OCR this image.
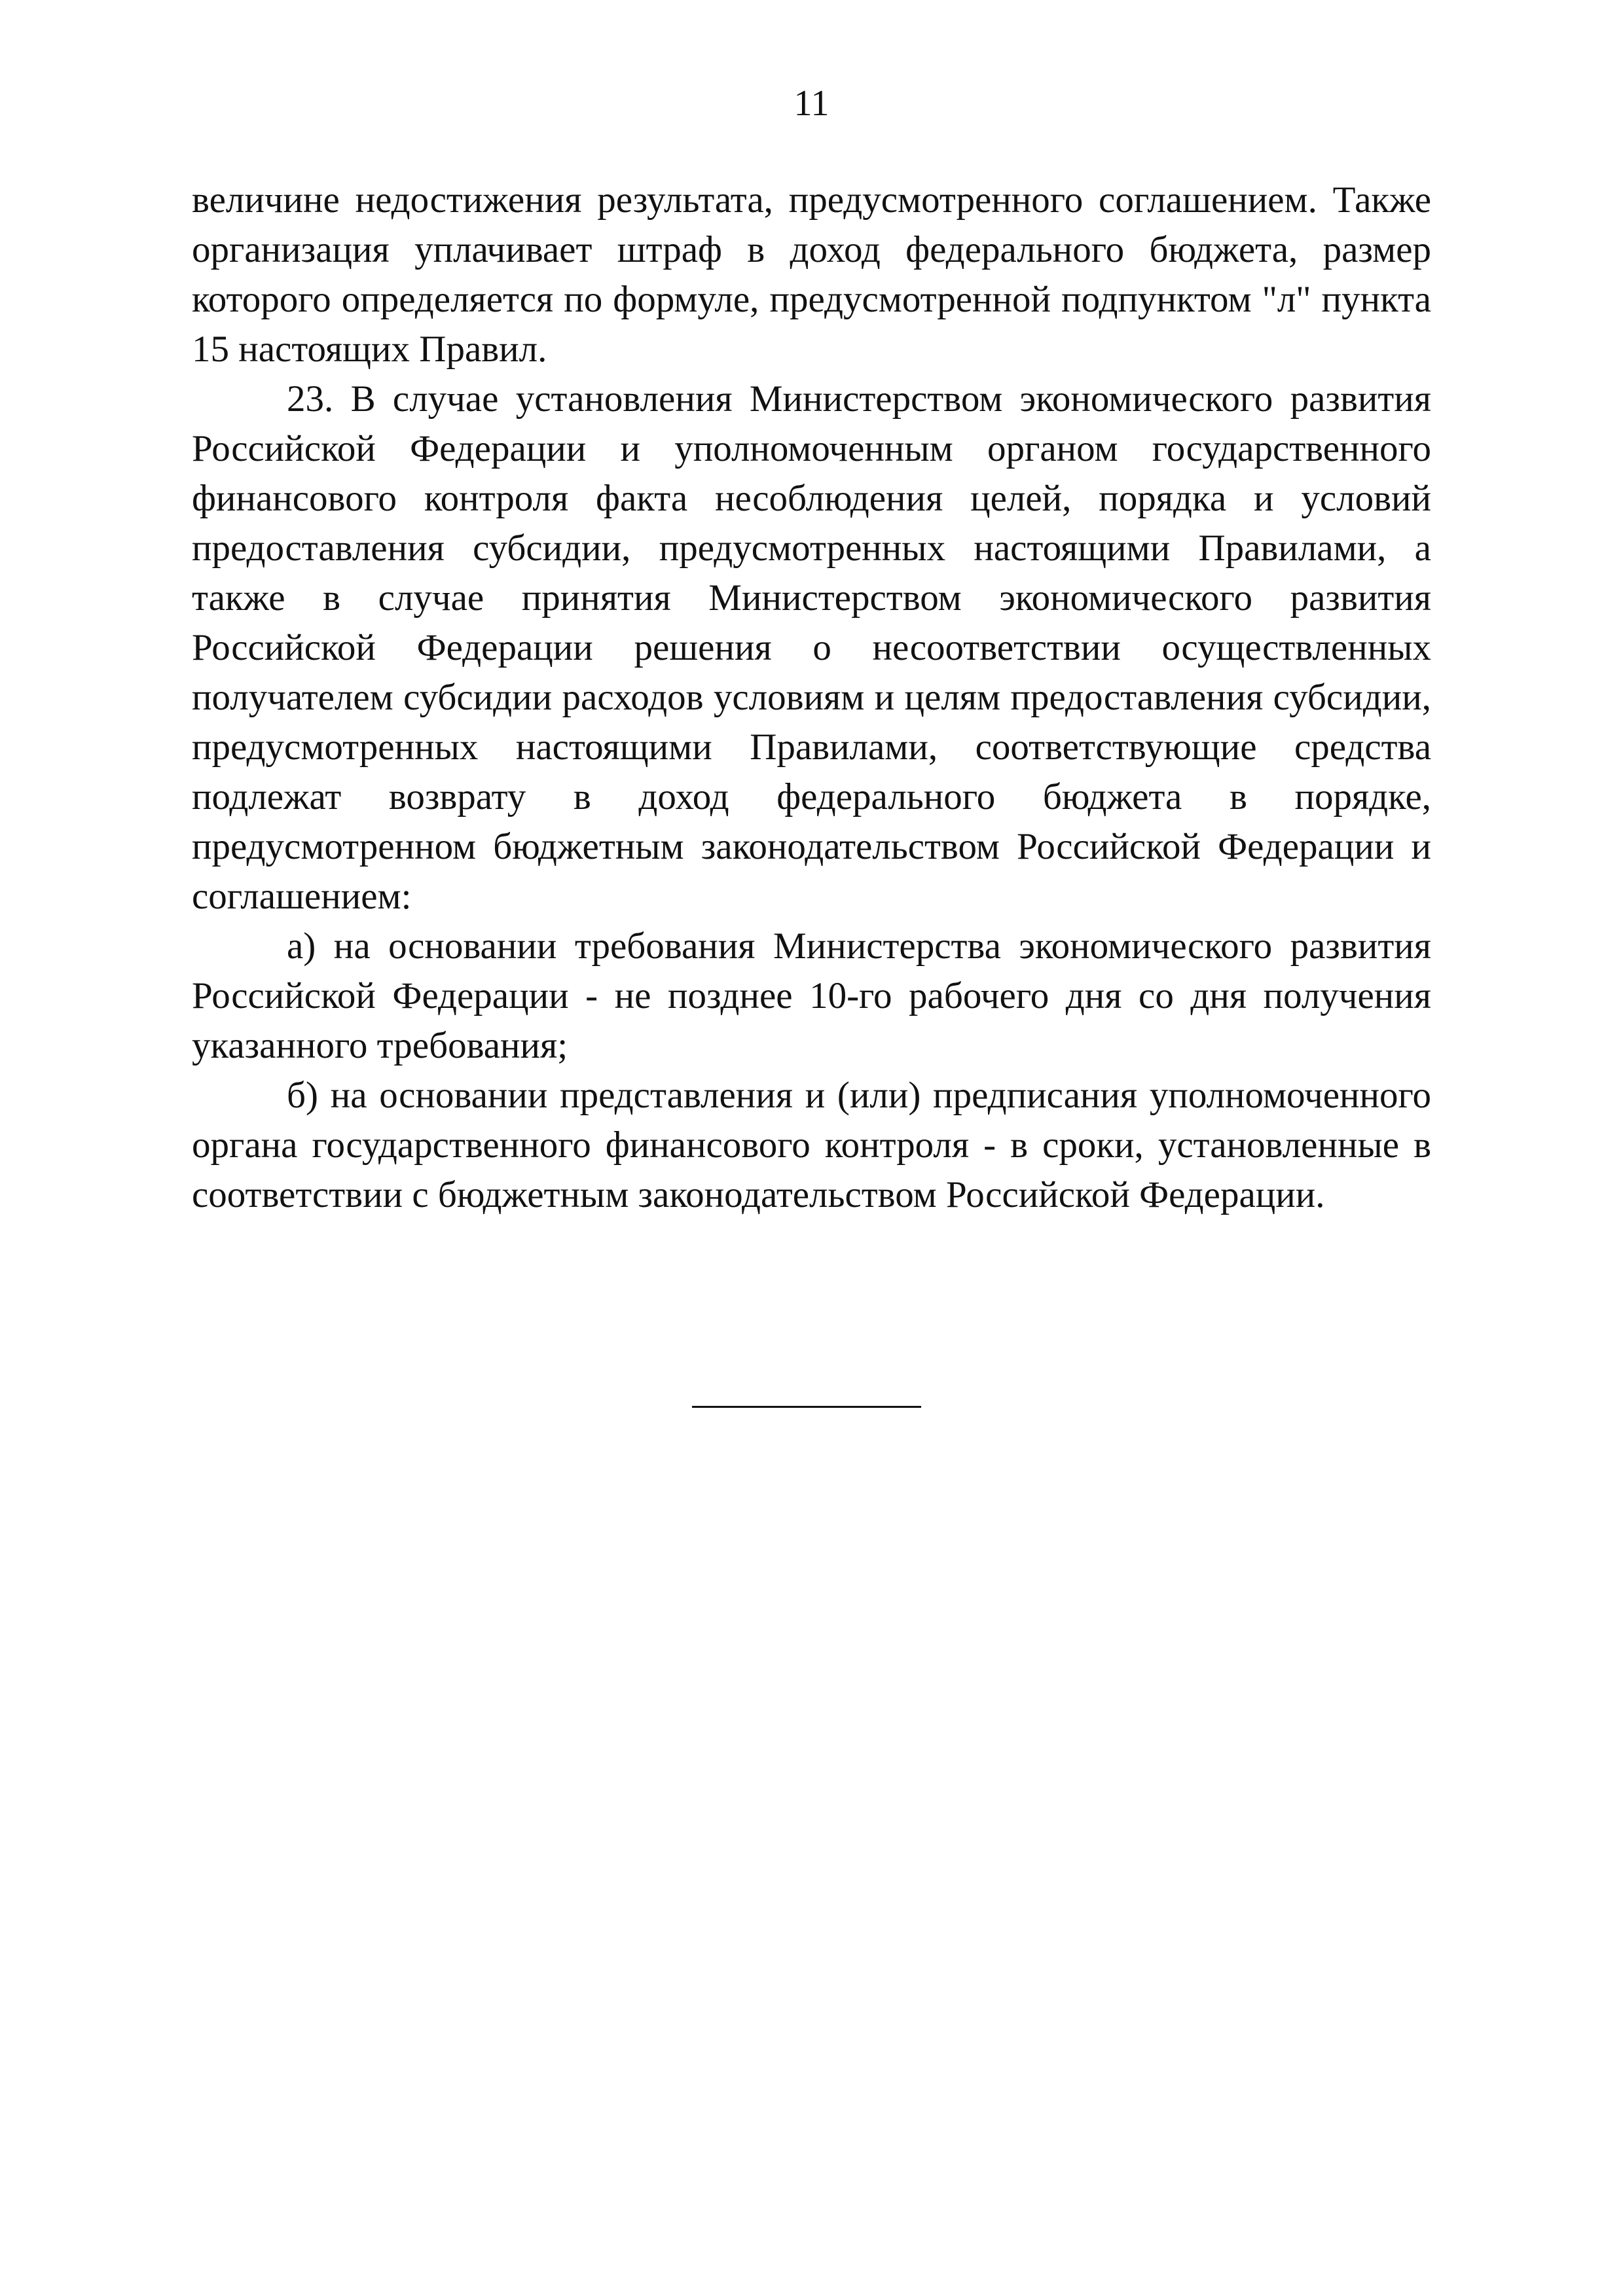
11

величине недостижения результата, предусмотренного соглашением. Также организация уплачивает штраф в доход федерального бюджета, размер которого определяется по формуле, предусмотренной подпунктом "л" пункта 15 настоящих Правил.

23. В случае установления Министерством экономического развития Российской Федерации и уполномоченным органом государственного финансового контроля факта несоблюдения целей, порядка и условий предоставления субсидии, предусмотренных настоящими Правилами, а также в случае принятия Министерством экономического развития Российской Федерации решения о несоответствии осуществленных получателем субсидии расходов условиям и целям предоставления субсидии, предусмотренных настоящими Правилами, соответствующие средства подлежат возврату в доход федерального бюджета в порядке, предусмотренном бюджетным законодательством Российской Федерации и соглашением:

а) на основании требования Министерства экономического развития Российской Федерации - не позднее 10-го рабочего дня со дня получения указанного требования;

б) на основании представления и (или) предписания уполномоченного органа государственного финансового контроля - в сроки, установленные в соответствии с бюджетным законодательством Российской Федерации.
